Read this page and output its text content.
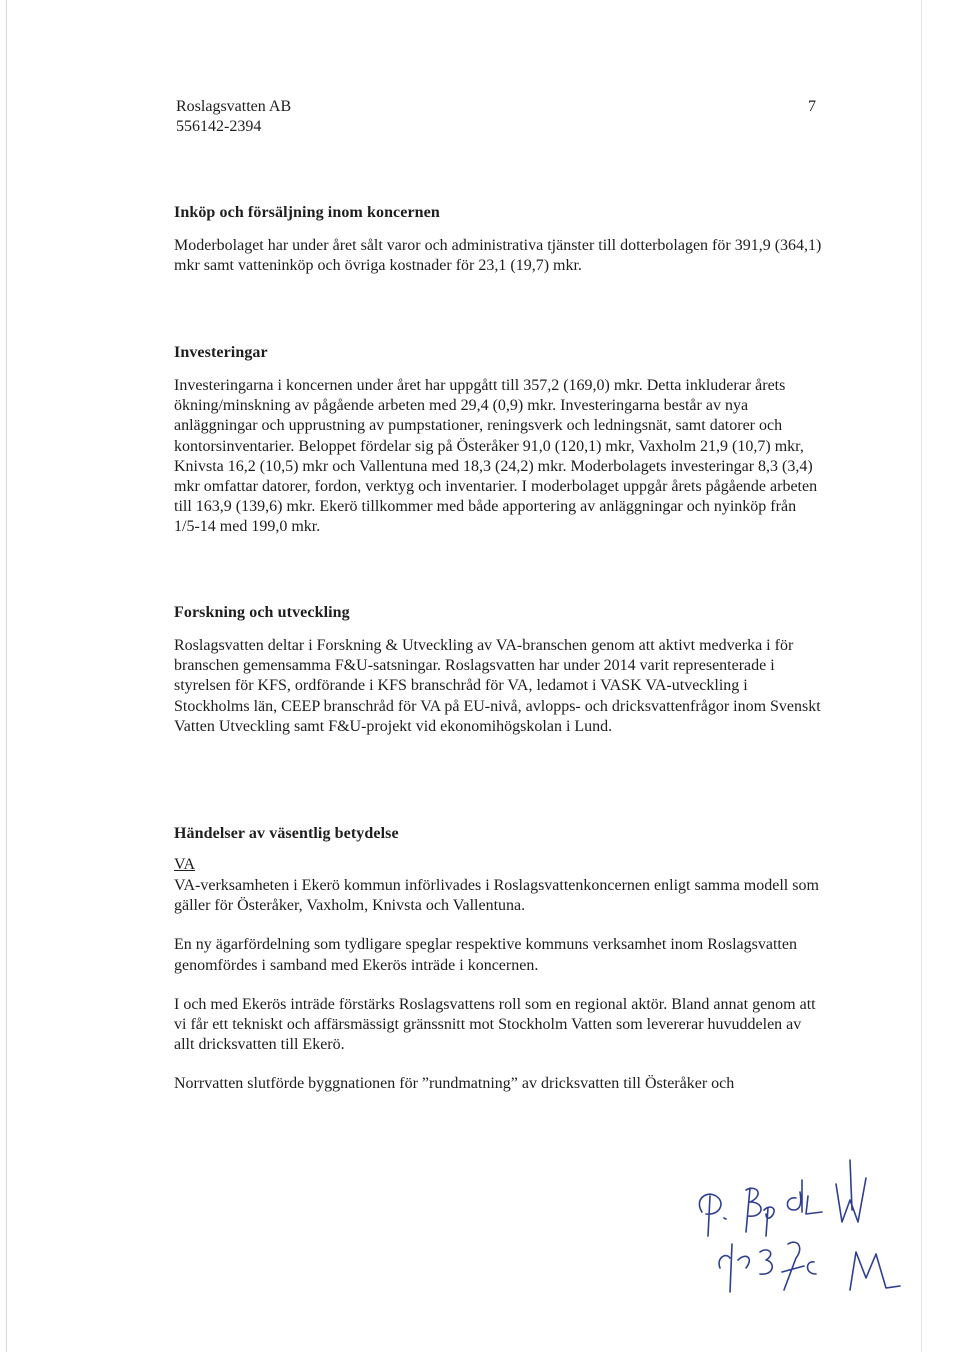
Roslagsvatten AB
556142-2394
7

Inköp och försäljning inom koncernen

Moderbolaget har under året sålt varor och administrativa tjänster till dotterbolagen för 391,9 (364,1) mkr samt vatteninköp och övriga kostnader för 23,1 (19,7) mkr.

Investeringar

Investeringarna i koncernen under året har uppgått till 357,2 (169,0) mkr. Detta inkluderar årets ökning/minskning av pågående arbeten med 29,4 (0,9) mkr. Investeringarna består av nya anläggningar och upprustning av pumpstationer, reningsverk och ledningsnät, samt datorer och kontorsinventarier. Beloppet fördelar sig på Österåker 91,0 (120,1) mkr, Vaxholm 21,9 (10,7) mkr, Knivsta 16,2 (10,5) mkr och Vallentuna med 18,3 (24,2) mkr. Moderbolagets investeringar 8,3 (3,4) mkr omfattar datorer, fordon, verktyg och inventarier. I moderbolaget uppgår årets pågående arbeten till 163,9 (139,6) mkr. Ekerö tillkommer med både apportering av anläggningar och nyinköp från 1/5-14 med 199,0 mkr.

Forskning och utveckling

Roslagsvatten deltar i Forskning & Utveckling av VA-branschen genom att aktivt medverka i för branschen gemensamma F&U-satsningar. Roslagsvatten har under 2014 varit representerade i styrelsen för KFS, ordförande i KFS branschråd för VA, ledamot i VASK VA-utveckling i Stockholms län, CEEP branschråd för VA på EU-nivå, avlopps- och dricksvattenfrågor inom Svenskt Vatten Utveckling samt F&U-projekt vid ekonomihögskolan i Lund.

Händelser av väsentlig betydelse

VA

VA-verksamheten i Ekerö kommun införlivades i Roslagsvattenkoncernen enligt samma modell som gäller för Österåker, Vaxholm, Knivsta och Vallentuna.

En ny ägarfördelning som tydligare speglar respektive kommuns verksamhet inom Roslagsvatten genomfördes i samband med Ekerös inträde i koncernen.

I och med Ekerös inträde förstärks Roslagsvattens roll som en regional aktör. Bland annat genom att vi får ett tekniskt och affärsmässigt gränssnitt mot Stockholm Vatten som levererar huvuddelen av allt dricksvatten till Ekerö.

Norrvatten slutförde byggnationen för ”rundmatning” av dricksvatten till Österåker och
